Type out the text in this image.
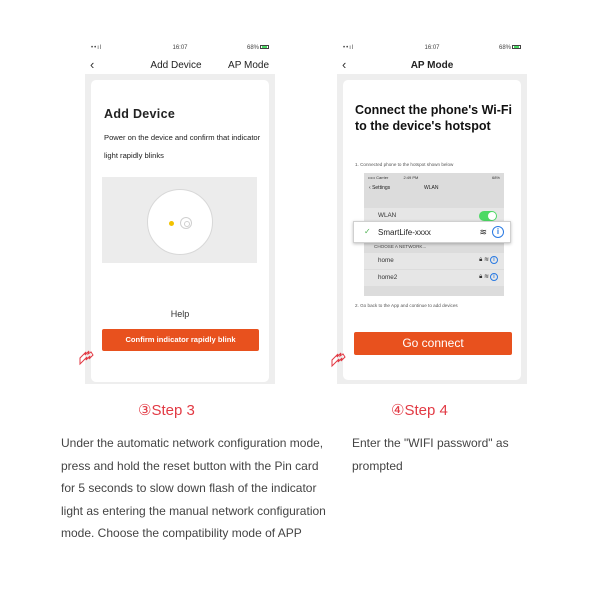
••ıl	16:07	68%
‹	Add Device	AP Mode
Add Device
Power on the device and confirm that indicator light rapidly blinks
Help
Confirm indicator rapidly blink
••ıl	16:07	68%
‹	AP Mode
Connect the phone's Wi-Fi to the device's hotspot
1. Connected phone to the hotspot shown below
••••• Carrier	2:49 PM	68%
‹ Settings	WLAN
WLAN
CHOOSE A NETWORK...
home	🔒︎ ≋ i
home2	🔒︎ ≋ i
✓ SmartLife-xxxx	≋	i
2. Go back to the App and continue to add devices
Go connect
③Step 3	④Step 4
Under the automatic network configuration mode, press and hold the reset button with the Pin card for 5 seconds to slow down flash of the indicator light as entering the manual network configuration mode. Choose the compatibility mode of APP
Enter the "WIFI password" as prompted
